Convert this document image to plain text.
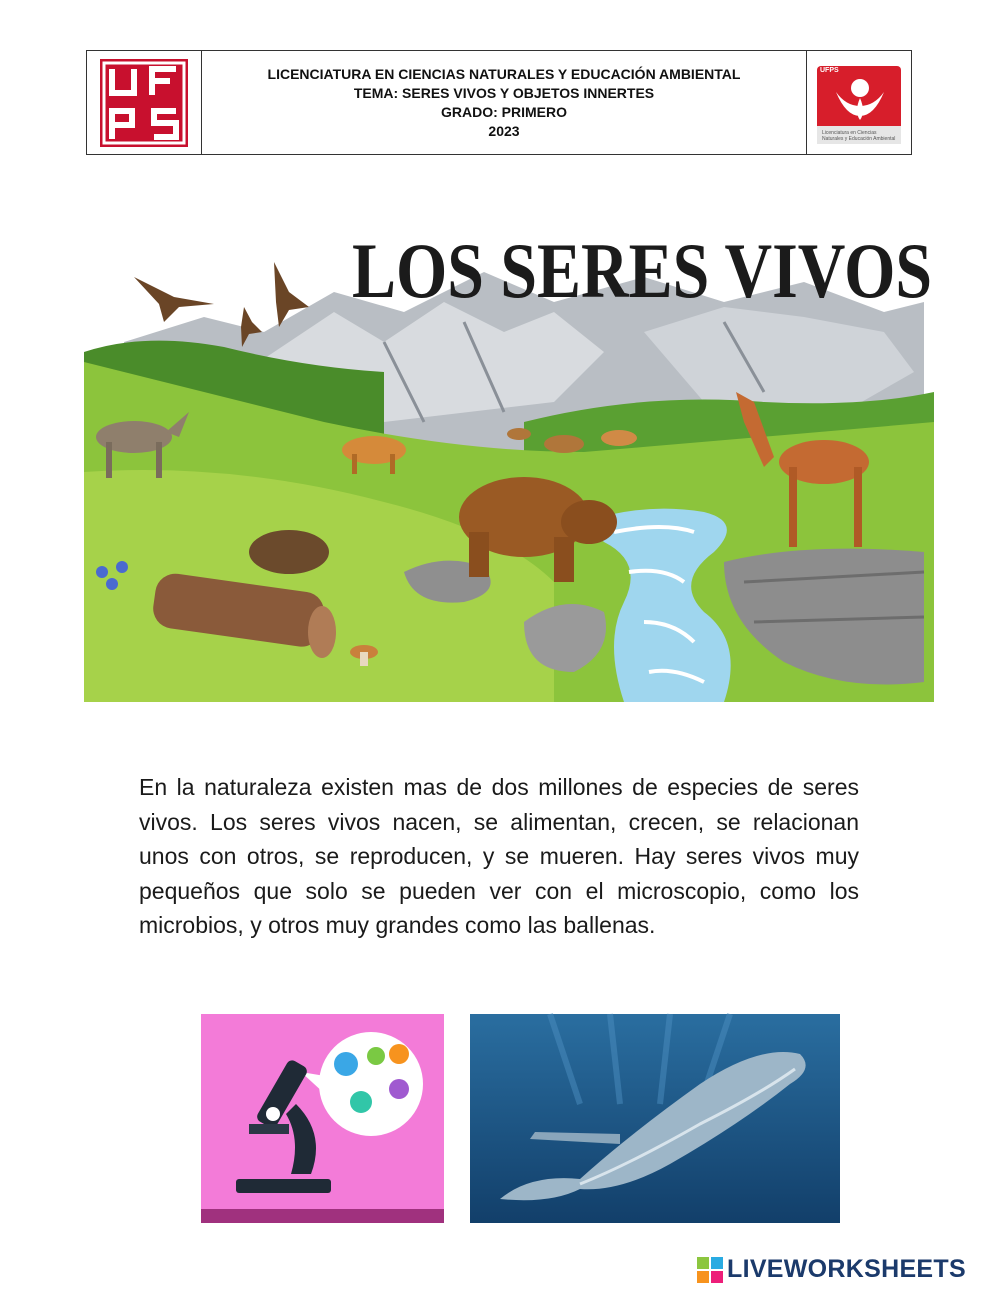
LICENCIATURA EN CIENCIAS NATURALES Y EDUCACIÓN AMBIENTAL
TEMA: SERES VIVOS Y OBJETOS INNERTES
GRADO: PRIMERO
2023
UFPS
Licenciatura en Ciencias
Naturales y Educación Ambiental
LOS SERES VIVOS
En la naturaleza existen mas de dos millones de especies de seres vivos. Los seres vivos nacen, se alimentan, crecen, se relacionan unos con otros, se reproducen, y se mueren. Hay seres vivos muy pequeños que solo se pueden ver con el microscopio, como los microbios, y otros muy grandes como las ballenas.
LIVEWORKSHEETS
